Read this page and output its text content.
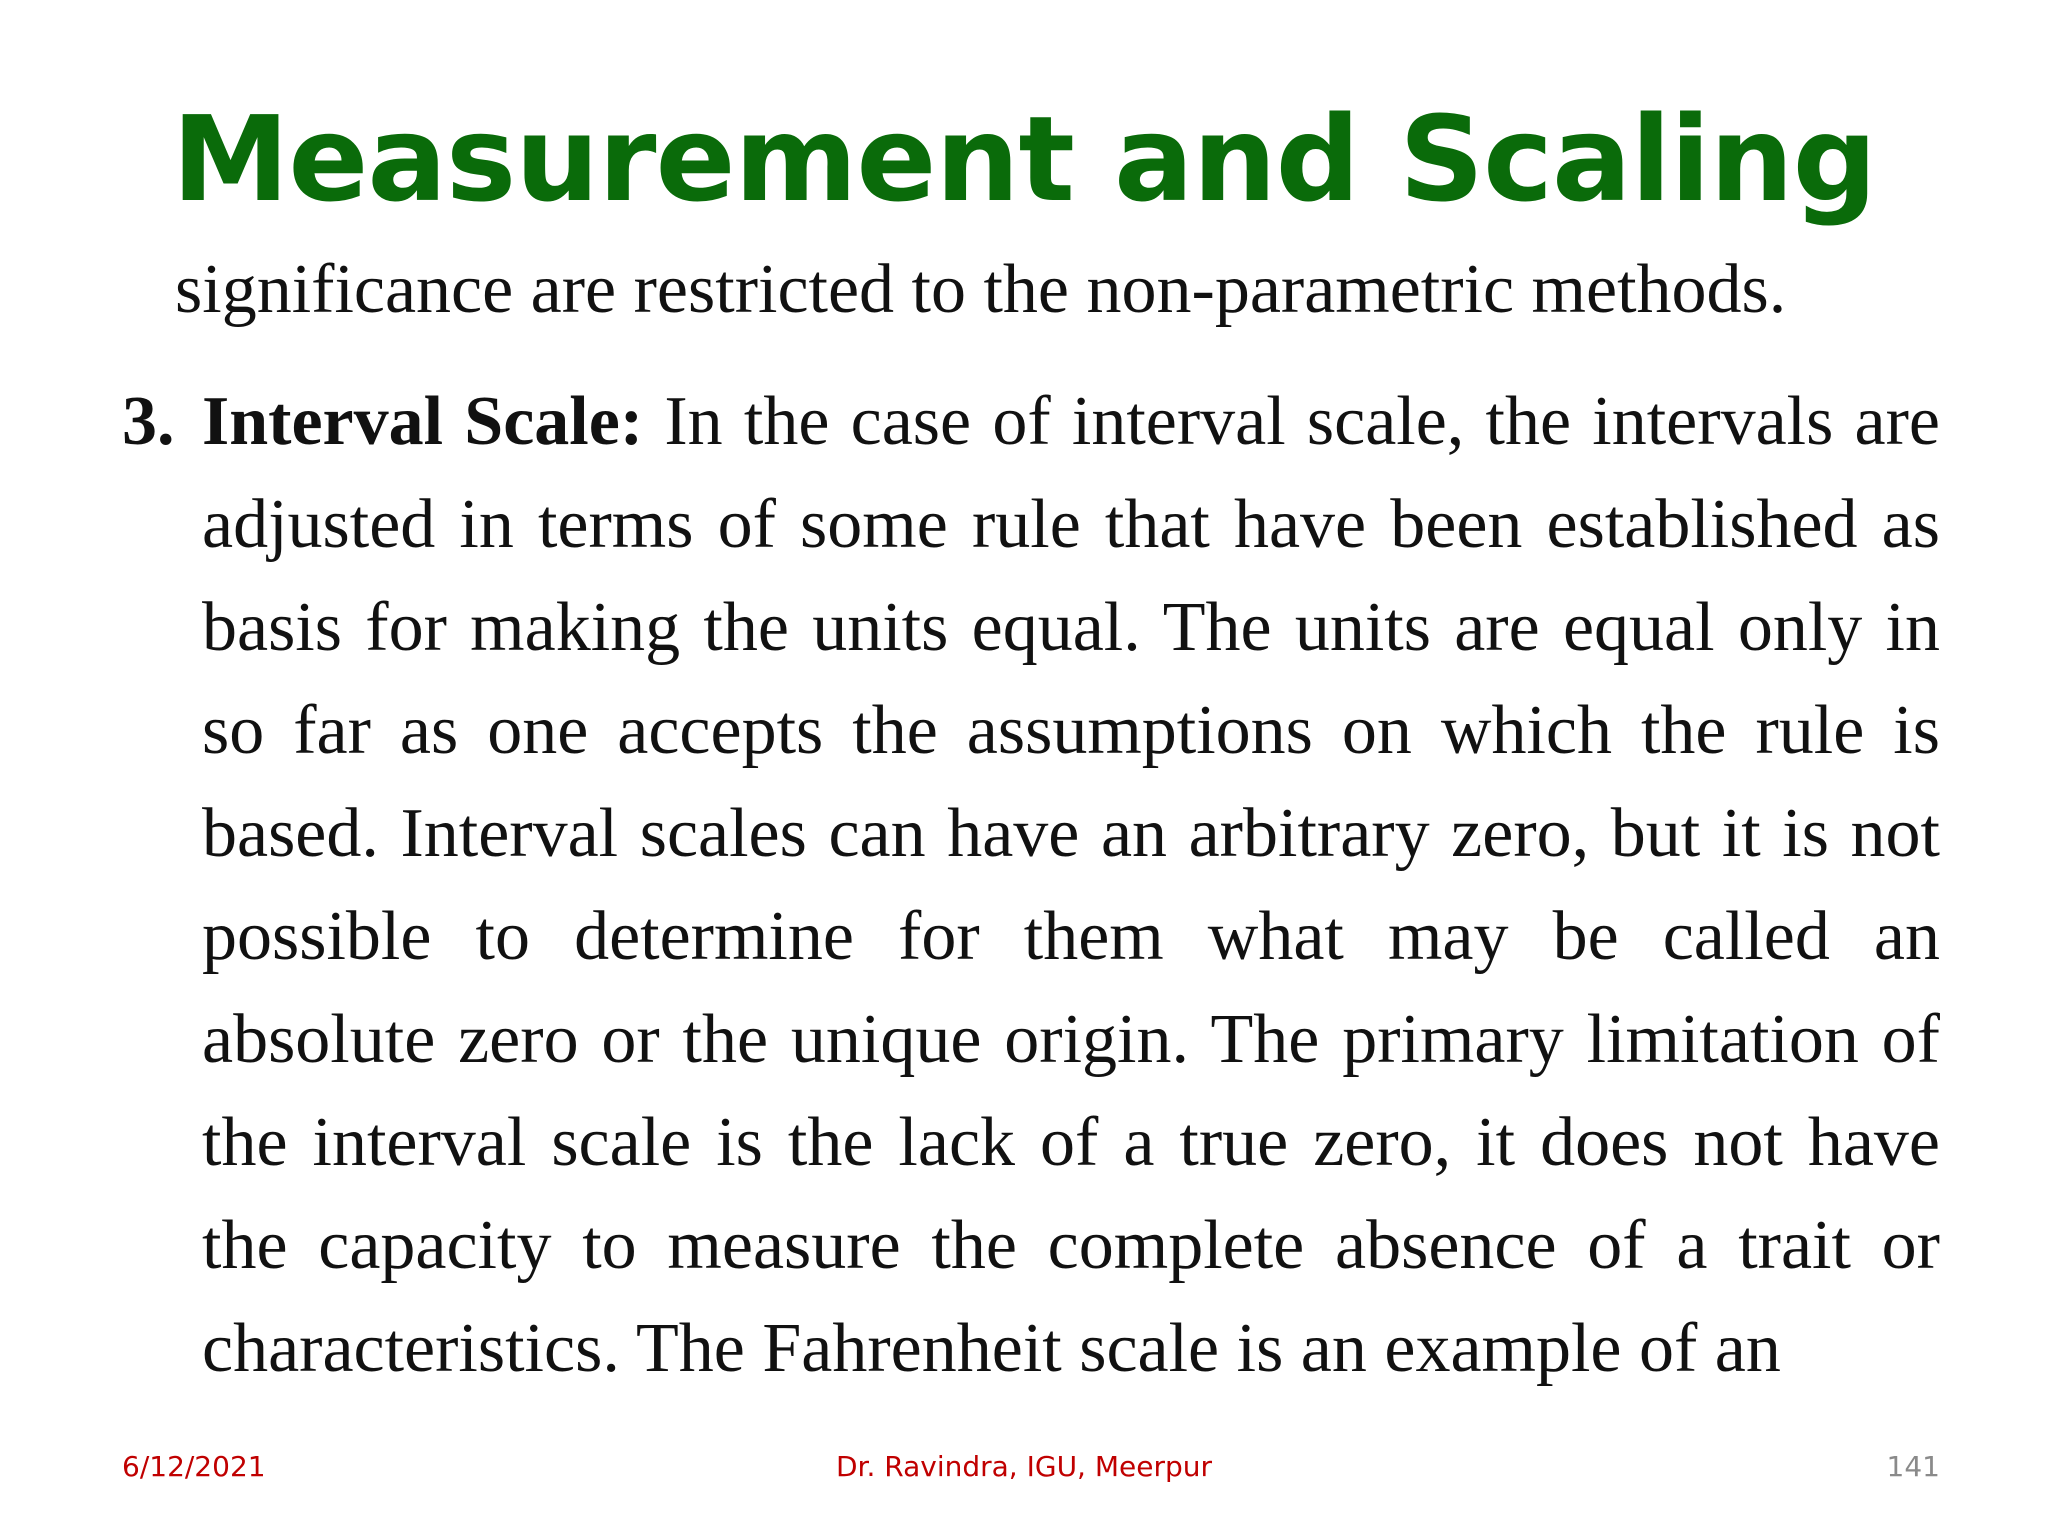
Measurement and Scaling
significance are restricted to the non-parametric methods.
3. Interval Scale: In the case of interval scale, the intervals are adjusted in terms of some rule that have been established as basis for making the units equal. The units are equal only in so far as one accepts the assumptions on which the rule is based. Interval scales can have an arbitrary zero, but it is not possible to determine for them what may be called an absolute zero or the unique origin. The primary limitation of the interval scale is the lack of a true zero, it does not have the capacity to measure the complete absence of a trait or characteristics. The Fahrenheit scale is an example of an
6/12/2021	Dr. Ravindra, IGU, Meerpur	141
